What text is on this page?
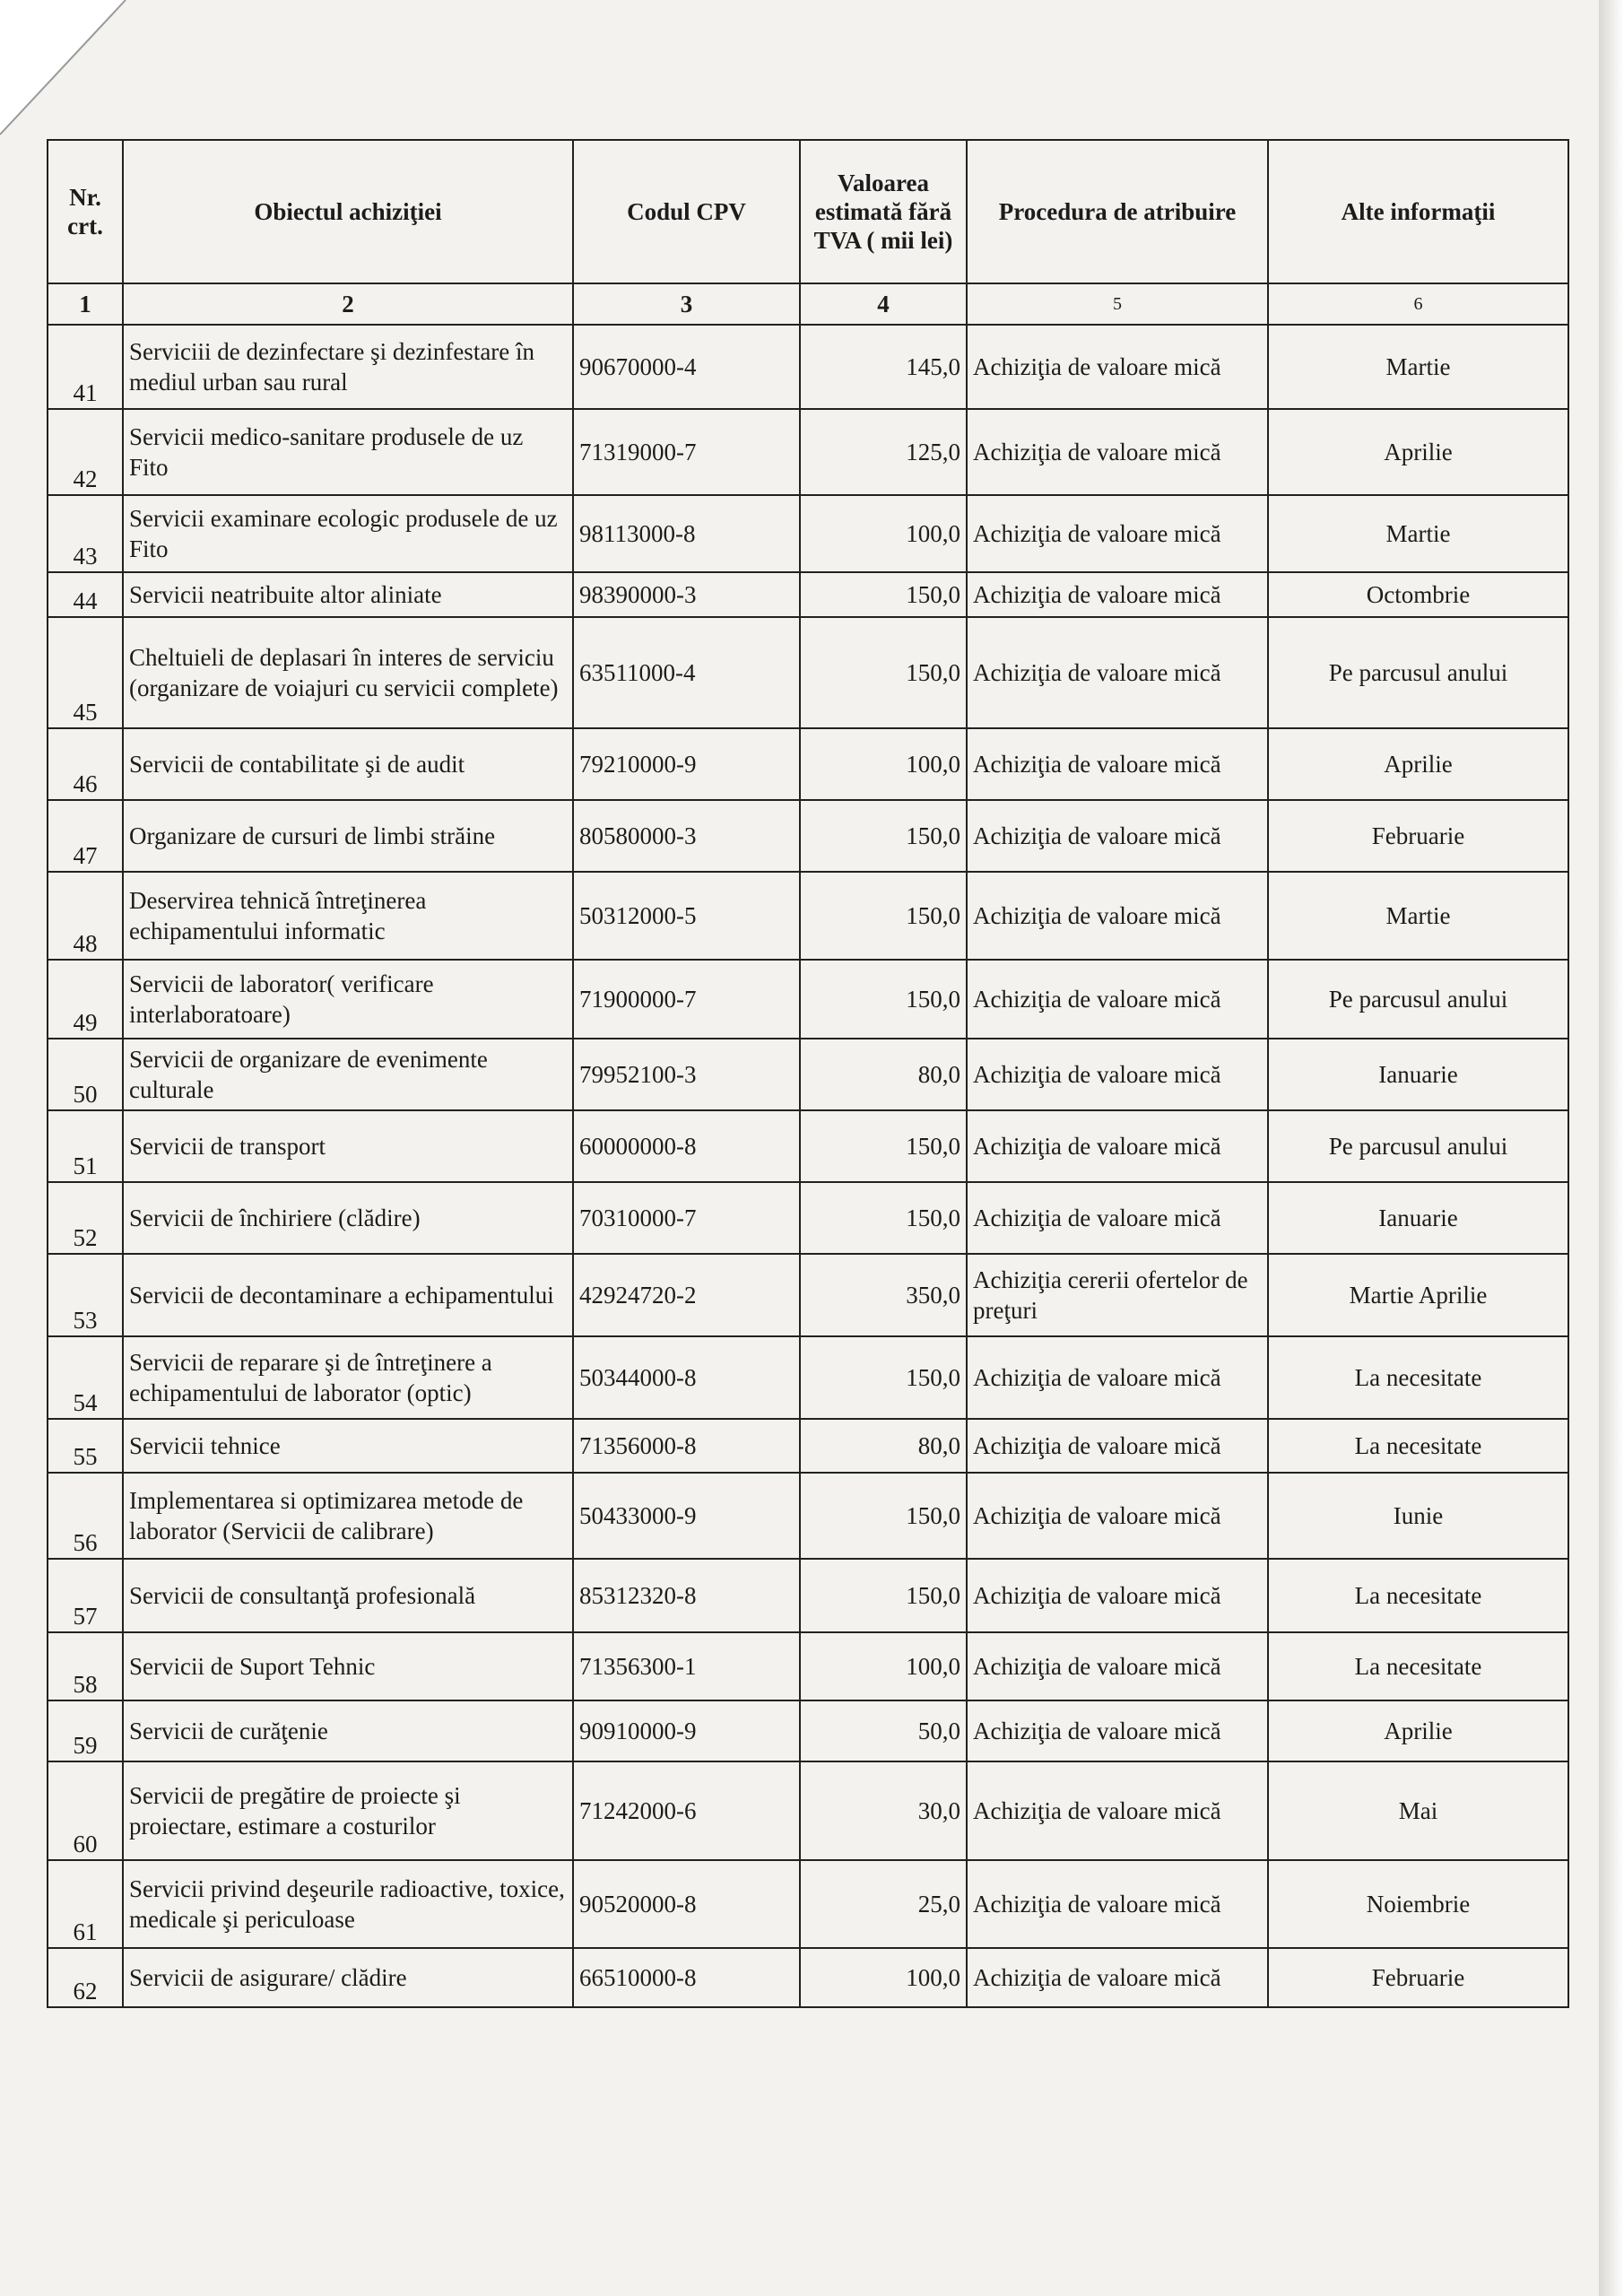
Nr. crt.	Obiectul achiziţiei	Codul CPV	Valoarea estimată fără TVA ( mii lei)	Procedura de atribuire	Alte informaţii
1	2	3	4	5	6
41	Serviciii de dezinfectare şi dezinfestare în mediul urban sau rural	90670000-4	145,0	Achiziţia de valoare mică	Martie
42	Servicii medico-sanitare produsele de uz Fito	71319000-7	125,0	Achiziţia de valoare mică	Aprilie
43	Servicii examinare ecologic produsele de uz Fito	98113000-8	100,0	Achiziţia de valoare mică	Martie
44	Servicii neatribuite altor aliniate	98390000-3	150,0	Achiziţia de valoare mică	Octombrie
45	Cheltuieli de deplasari în interes de serviciu (organizare de voiajuri cu servicii complete)	63511000-4	150,0	Achiziţia de valoare mică	Pe parcusul anului
46	Servicii de contabilitate şi de audit	79210000-9	100,0	Achiziţia de valoare mică	Aprilie
47	Organizare de cursuri de limbi străine	80580000-3	150,0	Achiziţia de valoare mică	Februarie
48	Deservirea tehnică întreţinerea echipamentului informatic	50312000-5	150,0	Achiziţia de valoare mică	Martie
49	Servicii de laborator( verificare interlaboratoare)	71900000-7	150,0	Achiziţia de valoare mică	Pe parcusul anului
50	Servicii de organizare de evenimente culturale	79952100-3	80,0	Achiziţia de valoare mică	Ianuarie
51	Servicii de transport	60000000-8	150,0	Achiziţia de valoare mică	Pe parcusul anului
52	Servicii de închiriere (clădire)	70310000-7	150,0	Achiziţia de valoare mică	Ianuarie
53	Servicii de decontaminare a echipamentului	42924720-2	350,0	Achiziţia cererii ofertelor de preţuri	Martie Aprilie
54	Servicii de reparare şi de întreţinere a echipamentului de laborator (optic)	50344000-8	150,0	Achiziţia de valoare mică	La necesitate
55	Servicii tehnice	71356000-8	80,0	Achiziţia de valoare mică	La necesitate
56	Implementarea si optimizarea metode de laborator (Servicii de calibrare)	50433000-9	150,0	Achiziţia de valoare mică	Iunie
57	Servicii de consultanţă profesională	85312320-8	150,0	Achiziţia de valoare mică	La necesitate
58	Servicii de Suport Tehnic	71356300-1	100,0	Achiziţia de valoare mică	La necesitate
59	Servicii de curăţenie	90910000-9	50,0	Achiziţia de valoare mică	Aprilie
60	Servicii de pregătire de proiecte şi proiectare, estimare a costurilor	71242000-6	30,0	Achiziţia de valoare mică	Mai
61	Servicii privind deşeurile radioactive, toxice, medicale şi periculoase	90520000-8	25,0	Achiziţia de valoare mică	Noiembrie
62	Servicii de asigurare/ clădire	66510000-8	100,0	Achiziţia de valoare mică	Februarie
